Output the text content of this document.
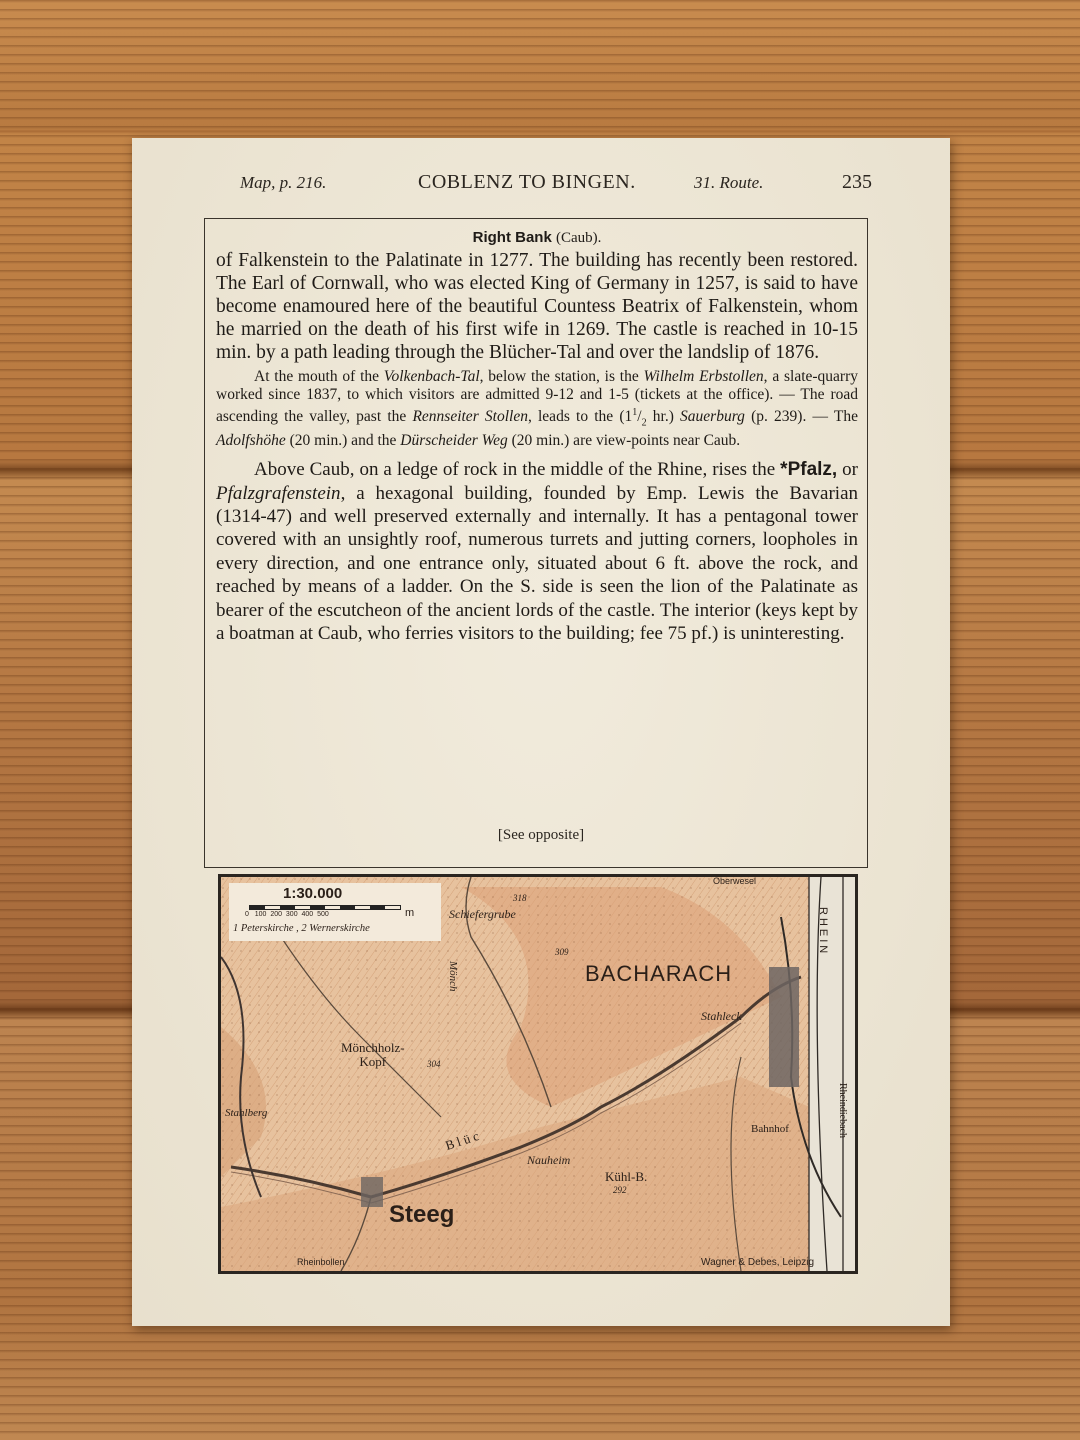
Map, p. 216.	COBLENZ TO BINGEN.	31. Route.	235
Right Bank (Caub).

of Falkenstein to the Palatinate in 1277. The building has recently been restored. The Earl of Cornwall, who was elected King of Germany in 1257, is said to have become enamoured here of the beautiful Countess Beatrix of Falkenstein, whom he married on the death of his first wife in 1269. The castle is reached in 10-15 min. by a path leading through the Blücher-Tal and over the landslip of 1876.

At the mouth of the Volkenbach-Tal, below the station, is the Wilhelm Erbstollen, a slate-quarry worked since 1837, to which visitors are admitted 9-12 and 1-5 (tickets at the office). — The road ascending the valley, past the Rennseiter Stollen, leads to the ($1^1/_2$ hr.) Sauerburg (p. 239). — The Adolfshöhe (20 min.) and the Dürscheider Weg (20 min.) are view-points near Caub.

Above Caub, on a ledge of rock in the middle of the Rhine, rises the *Pfalz, or Pfalzgrafenstein, a hexagonal building, founded by Emp. Lewis the Bavarian (1314-47) and well preserved externally and internally. It has a pentagonal tower covered with an unsightly roof, numerous turrets and jutting corners, loopholes in every direction, and one entrance only, situated about 6 ft. above the rock, and reached by means of a ladder. On the S. side is seen the lion of the Palatinate as bearer of the escutcheon of the ancient lords of the castle. The interior (keys kept by a boatman at Caub, who ferries visitors to the building; fee 75 pf.) is uninteresting.

[See opposite]
1:30.000
0 100 200 300 400 500	m
1 Peterskirche , 2 Wernerskirche
Oberwesel
Schiefergrube
318
309
BACHARACH
RHEIN
Mönchholz-
Kopf	304
Stahleck
Mönch
Stahlberg
Nauheim
Kühl-B.
292
Bahnhof	Rheindiebach
Steeg
B l ü c
Rheinbollen	Wagner & Debes, Leipzig
